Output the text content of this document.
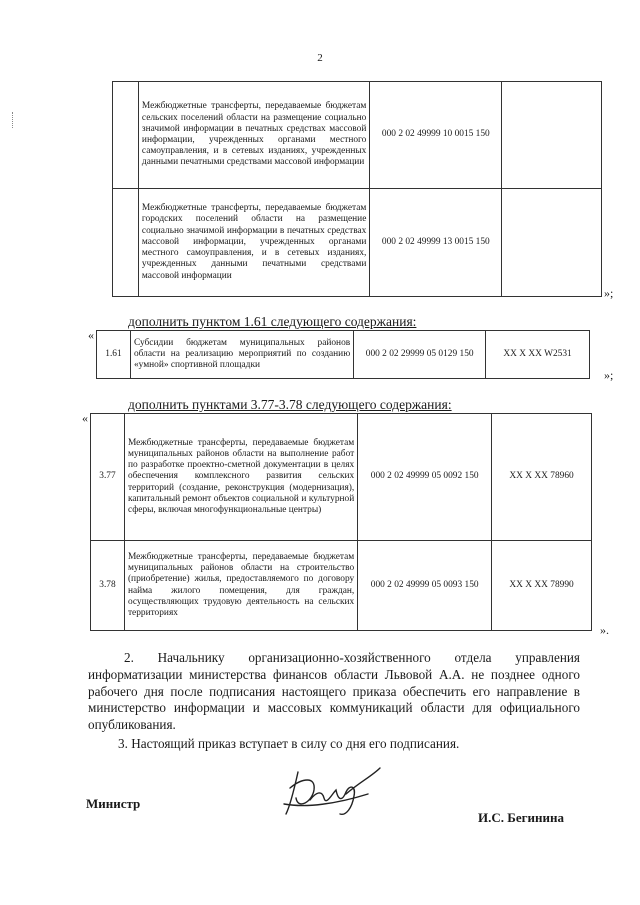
2
	Межбюджетные трансферты, передаваемые бюджетам сельских поселений области на размещение социально значимой информации в печатных средствах массовой информации, учрежденных органами местного самоуправления, и в сетевых изданиях, учрежденных данными печатными средствами массовой информации	000 2 02 49999 10 0015 150	
	Межбюджетные трансферты, передаваемые бюджетам городских поселений области на размещение социально значимой информации в печатных средствах массовой информации, учрежденных органами местного самоуправления, и в сетевых изданиях, учрежденных данными печатными средствами массовой информации	000 2 02 49999 13 0015 150	
»;
дополнить пунктом 1.61 следующего содержания:
«
1.61	Субсидии бюджетам муниципальных районов области на реализацию мероприятий по созданию «умной» спортивной площадки	000 2 02 29999 05 0129 150	XX X XX W2531
»;
дополнить пунктами 3.77-3.78 следующего содержания:
«
3.77	Межбюджетные трансферты, передаваемые бюджетам муниципальных районов области на выполнение работ по разработке проектно-сметной документации в целях обеспечения комплексного развития сельских территорий (создание, реконструкция (модернизация), капитальный ремонт объектов социальной и культурной сферы, включая многофункциональные центры)	000 2 02 49999 05 0092 150	XX X XX 78960
3.78	Межбюджетные трансферты, передаваемые бюджетам муниципальных районов области на строительство (приобретение) жилья, предоставляемого по договору найма жилого помещения, для граждан, осуществляющих трудовую деятельность на сельских территориях	000 2 02 49999 05 0093 150	XX X XX 78990
».
2. Начальнику организационно-хозяйственного отдела управления информатизации министерства финансов области Львовой А.А. не позднее одного рабочего дня после подписания настоящего приказа обеспечить его направление в министерство информации и массовых коммуникаций области для официального опубликования.
3. Настоящий приказ вступает в силу со дня его подписания.
Министр
И.С. Бегинина
